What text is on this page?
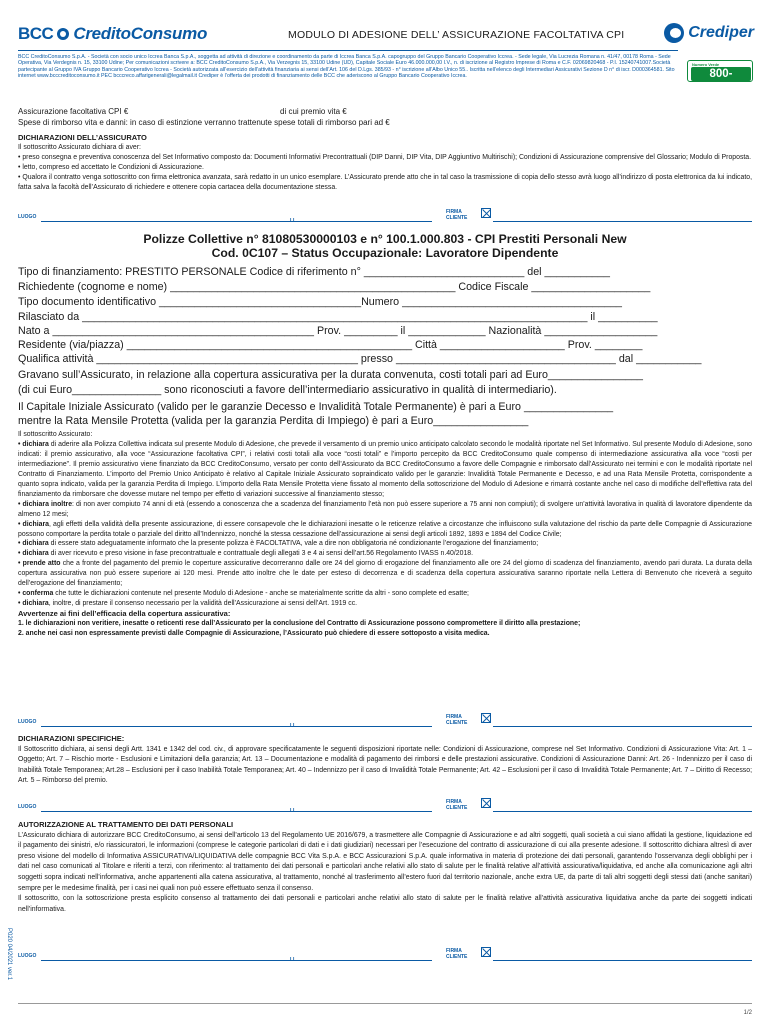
BCC CreditoConsumo	MODULO DI ADESIONE DELL’ ASSICURAZIONE FACOLTATIVA CPI	Crediper
BCC CreditoConsumo S.p.A. - Società con socio unico Iccrea Banca S.p.A., soggetta ad attività di direzione e coordinamento da parte di Iccrea Banca S.p.A. capogruppo del Gruppo Bancario Cooperativo Iccrea. - Sede legale, Via Lucrezia Romana n. 41/47, 00178 Roma - Sede Operativa, Via Verdegnis n. 15, 33100 Udine; Per comunicazioni scrivere a: BCC CreditoConsumo S.p.A., Via Verzegnis 15, 33100 Udine (UD), Capitale Sociale Euro 46.000.000,00 I.V., n. di iscrizione al Registro Imprese di Roma e C.F. 02069820468 - P.I. 15240741007.Società partecipante al Gruppo IVA Gruppo Bancario Cooperativo Iccrea - Società autorizzata all’esercizio dell’attività finanziaria ai sensi dell’Art. 106 del D.Lgs. 385/93 - n° iscrizione all’Albo Unico 55.. Iscritta nell’elenco degli Intermediari Assicurativi Sezione D n° di iscr. D000364581. Sito internet www.bcccreditoconsumo.it PEC bcccreco.affarigenerali@legalmail.it Crediper è l’offerta dei prodotti di finanziamento delle BCC che aderiscono al Gruppo Bancario Cooperativo Iccrea.
Numero Verde
800-990.620
Assicurazione facoltativa CPI €	di cui premio vita €
Spese di rimborso vita e danni: in caso di estinzione verranno trattenute spese totali di rimborso pari ad €
DICHIARAZIONI DELL’ASSICURATO
Il sottoscritto Assicurato dichiara di aver:
• preso consegna e preventiva conoscenza del Set Informativo composto da: Documenti Informativi Precontrattuali (DIP Danni, DIP Vita, DIP Aggiuntivo Multirischi); Condizioni di Assicurazione comprensive del Glossario; Modulo di Proposta.
• letto, compreso ed accettato le Condizioni di Assicurazione.
• Qualora il contratto venga sottoscritto con firma elettronica avanzata, sarà redatto in un unico esemplare. L’Assicurato prende atto che in tal caso la trasmissione di copia dello stesso avrà luogo all’indirizzo di posta elettronica da lui indicato, fatta salva la facoltà dell’Assicurato di richiedere e ottenere copia cartacea della documentazione stessa.
LUOGO
LI
FIRMA
CLIENTE
Polizze Collettive n° 81080530000103 e n° 100.1.000.803 - CPI Prestiti Personali New
Cod. 0C107 – Status Occupazionale: Lavoratore Dipendente
Tipo di finanziamento: PRESTITO PERSONALE Codice di riferimento n° ___________________________ del ___________
Richiedente (cognome e nome) ________________________________________________ Codice Fiscale ____________________
Tipo documento identificativo __________________________________Numero _____________________________________
Rilasciato da _____________________________________________________________________________________ il __________
Nato a ____________________________________________ Prov. _________ il _____________ Nazionalità ___________________
Residente (via/piazza) ________________________________________________ Città _____________________ Prov. ________
Qualifica attività ____________________________________________ presso _____________________________________ dal ___________
Gravano sull’Assicurato, in relazione alla copertura assicurativa per la durata convenuta, costi totali pari ad Euro________________
(di cui Euro_______________ sono riconosciuti a favore dell’intermediario assicurativo in qualità di intermediario).
Il Capitale Iniziale Assicurato (valido per le garanzie Decesso e Invalidità Totale Permanente) è pari a Euro _______________
mentre la Rata Mensile Protetta (valida per la garanzia Perdita di Impiego) è pari a Euro________________
Il sottoscritto Assicurato:
• dichiara di aderire alla Polizza Collettiva indicata sul presente Modulo di Adesione, che prevede il versamento di un premio unico anticipato calcolato secondo le modalità riportate nel Set Informativo. Sul presente Modulo di Adesione, sono indicati: il premio assicurativo, alla voce “Assicurazione facoltativa CPI”, i relativi costi totali alla voce “costi totali” e l’importo percepito da BCC CreditoConsumo quale compenso di intermediazione assicurativa alla voce “costi per intermediazione”. Il premio assicurativo viene finanziato da BCC CreditoConsumo, versato per conto dell’Assicurato da BCC CreditoConsumo a favore delle Compagnie e rimborsato dall’Assicurato nei termini e con le modalità riportate nel Contratto di Finanziamento. L’importo del Premio Unico Anticipato è relativo al Capitale Iniziale Assicurato sopraindicato valido per le garanzie: Invalidità Totale Permanente e Decesso, e ad una Rata Mensile Protetta, corrispondente a quanto sopra indicato, valida per la garanzia Perdita di Impiego. L’importo della Rata Mensile Protetta viene fissato al momento della sottoscrizione del Modulo di Adesione e rimarrà costante anche nel caso di modifiche dell’effettiva rata del finanziamento da rimborsare che dovesse mutare nel tempo per effetto di variazioni successive al finanziamento stesso;
• dichiara inoltre: di non aver compiuto 74 anni di età (essendo a conoscenza che a scadenza del finanziamento l’età non può essere superiore a 75 anni non compiuti); di svolgere un’attività lavorativa in qualità di lavoratore dipendente da almeno 12 mesi;
• dichiara, agli effetti della validità della presente assicurazione, di essere consapevole che le dichiarazioni inesatte o le reticenze relative a circostanze che influiscono sulla valutazione del rischio da parte delle Compagnie di Assicurazione possono comportare la perdita totale o parziale del diritto all’Indennizzo, nonché la stessa cessazione dell’assicurazione ai sensi degli articoli 1892, 1893 e 1894 del Codice Civile;
• dichiara di essere stato adeguatamente informato che la presente polizza è FACOLTATIVA, vale a dire non obbligatoria né condizionante l’erogazione del finanziamento;
• dichiara di aver ricevuto e preso visione in fase precontrattuale e contrattuale degli allegati 3 e 4 ai sensi dell’art.56 Regolamento IVASS n.40/2018.
• prende atto che a fronte del pagamento del premio le coperture assicurative decorreranno dalle ore 24 del giorno di erogazione del finanziamento alle ore 24 del giorno di scadenza del finanziamento, avendo pari durata. La durata della copertura assicurativa non può essere superiore ai 120 mesi. Prende atto inoltre che le date per esteso di decorrenza e di scadenza della copertura assicurativa saranno riportate nella Lettera di Benvenuto che riceverà a seguito dell’erogazione del finanziamento;
• conferma che tutte le dichiarazioni contenute nel presente Modulo di Adesione - anche se materialmente scritte da altri - sono complete ed esatte;
• dichiara, inoltre, di prestare il consenso necessario per la validità dell’Assicurazione ai sensi dell’Art. 1919 cc.
Avvertenze ai fini dell’efficacia della copertura assicurativa:
1. le dichiarazioni non veritiere, inesatte o reticenti rese dall’Assicurato per la conclusione del Contratto di Assicurazione possono compromettere il diritto alla prestazione;
2. anche nei casi non espressamente previsti dalle Compagnie di Assicurazione, l’Assicurato può chiedere di essere sottoposto a visita medica.
LUOGO
LI
FIRMA
CLIENTE
DICHIARAZIONI SPECIFICHE:
Il Sottoscritto dichiara, ai sensi degli Artt. 1341 e 1342 del cod. civ., di approvare specificatamente le seguenti disposizioni riportate nelle: Condizioni di Assicurazione, comprese nel Set Informativo. Condizioni di Assicurazione Vita: Art. 1 – Oggetto; Art. 7 – Rischio morte - Esclusioni e Limitazioni della garanzia; Art. 13 – Documentazione e modalità di pagamento dei rimborsi e delle prestazioni assicurative. Condizioni di Assicurazione Danni: Art. 26 - Indennizzo per il caso di Inabilità Totale Temporanea; Art.28 – Esclusioni per il caso Inabilità Totale Temporanea; Art. 40 – Indennizzo per il caso di Invalidità Totale Permanente; Art. 42 – Esclusioni per il caso di Invalidità Totale Permanente; Art. 7 – Diritto di Recesso; Art. 5 – Rimborso del premio.
LUOGO
LI
FIRMA
CLIENTE
AUTORIZZAZIONE AL TRATTAMENTO DEI DATI PERSONALI
L’Assicurato dichiara di autorizzare BCC CreditoConsumo, ai sensi dell’articolo 13 del Regolamento UE 2016/679, a trasmettere alle Compagnie di Assicurazione e ad altri soggetti, quali società a cui siano affidati la gestione, liquidazione ed il pagamento dei sinistri, e/o riassicuratori, le informazioni (comprese le categorie particolari di dati e i dati giudiziari) necessari per l’esecuzione del contratto di assicurazione di cui alla presente adesione. Il sottoscritto dichiara altresì di aver preso visione del modello di Informativa ASSICURATIVA/LIQUIDATIVA delle compagnie BCC Vita S.p.A. e BCC Assicurazioni S.p.A. quale informativa in materia di protezione dei dati personali, garantendo l’osservanza degli obblighi per i dati nel caso comunicati al Titolare e riferiti a terzi, con riferimento: al trattamento dei dati personali e particolari anche relativi allo stato di salute per le finalità relative all’attività assicurativa/liquidativa, ed anche alla comunicazione agli altri soggetti sopra indicati nell’informativa, anche appartenenti alla catena assicurativa, al trattamento, nonché al trasferimento all’estero fuori dal territorio nazionale, anche extra UE, da parte di tali altri soggetti degli stessi dati (anche sanitari) sempre per le medesime finalità, per i casi nei quali non può essere effettuato senza il consenso.
Il sottoscritto, con la sottoscrizione presta esplicito consenso al trattamento dei dati personali e particolari anche relativi allo stato di salute per le finalità relative all’attività assicurativa liquidativa anche da parte dei soggetti indicati nell’informativa.
LUOGO
LI
FIRMA
CLIENTE
P020 04/2021 ver.1
1/2
